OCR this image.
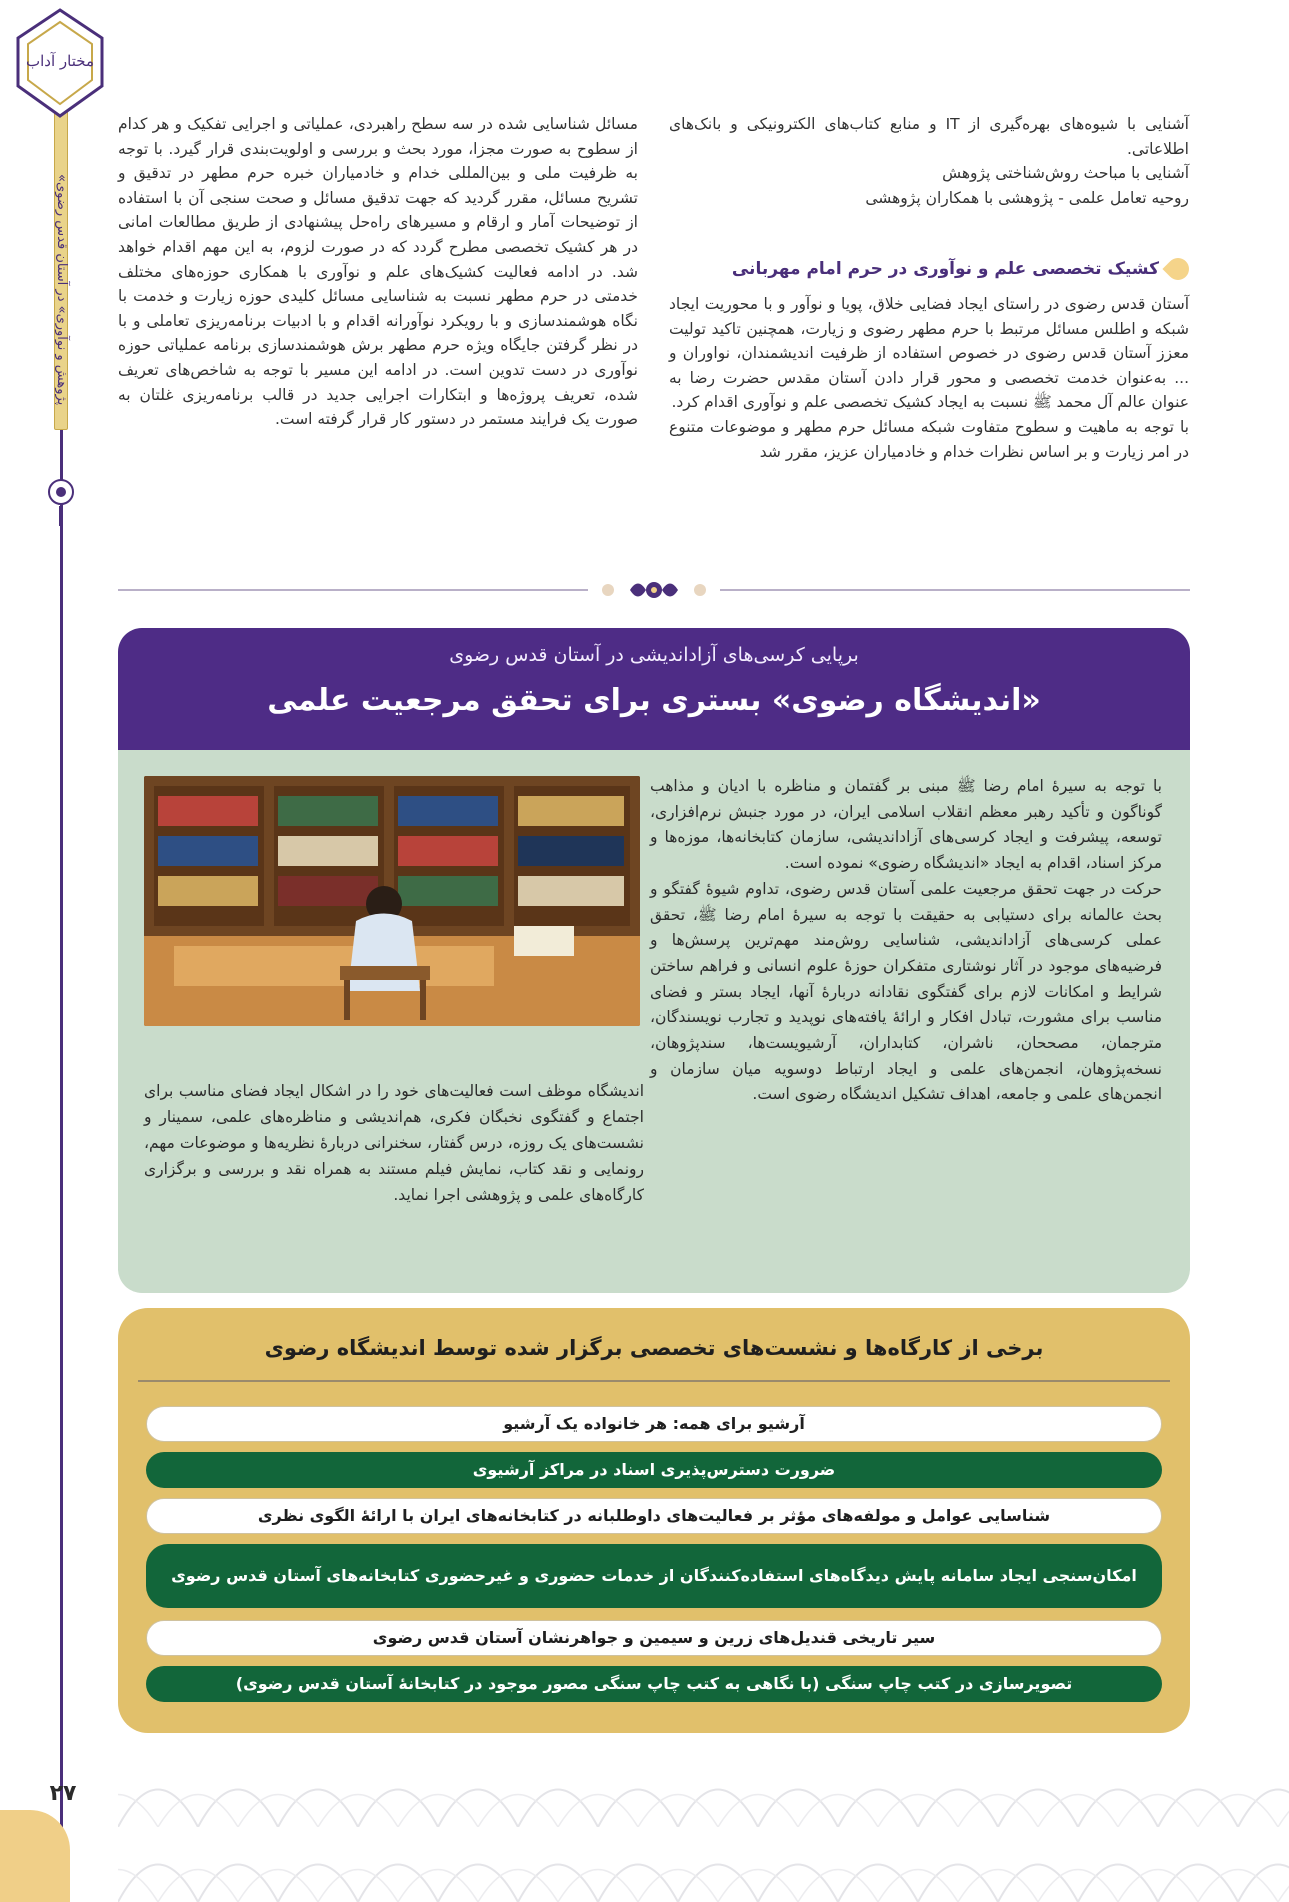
مختار آداب
«پژوهش و نوآوری» در آستان قدس رضوی
۲۷

آشنایی با شیوه‌های بهره‌گیری از IT و منابع کتاب‌های الکترونیکی و بانک‌های اطلاعاتی.

آشنایی با مباحث روش‌شناختی پژوهش

روحیه تعامل علمی - پژوهشی با همکاران پژوهشی

کشیک تخصصی علم و نوآوری در حرم امام مهربانی

آستان قدس رضوی در راستای ایجاد فضایی خلاق، پویا و نوآور و با محوریت ایجاد شبکه و اطلس مسائل مرتبط با حرم مطهر رضوی و زیارت، همچنین تاکید تولیت معزز آستان قدس رضوی در خصوص استفاده از ظرفیت اندیشمندان، نواوران و ... به‌عنوان خدمت تخصصی و محور قرار دادن آستان مقدس حضرت رضا به عنوان عالم آل محمد ﷺ نسبت به ایجاد کشیک تخصصی علم و نوآوری اقدام کرد.

با توجه به ماهیت و سطوح متفاوت شبکه مسائل حرم مطهر و موضوعات متنوع در امر زیارت و بر اساس نظرات خدام و خادمیاران عزیز، مقرر شد

مسائل شناسایی شده در سه سطح راهبردی، عملیاتی و اجرایی تفکیک و هر کدام از سطوح به صورت مجزا، مورد بحث و بررسی و اولویت‌بندی قرار گیرد. با توجه به ظرفیت ملی و بین‌المللی خدام و خادمیاران خبره حرم مطهر در تدقیق و تشریح مسائل، مقرر گردید که جهت تدقیق مسائل و صحت سنجی آن با استفاده از توضیحات آمار و ارقام و مسیرهای راه‌حل پیشنهادی از طریق مطالعات امانی در هر کشیک تخصصی مطرح گردد که در صورت لزوم، به این مهم اقدام خواهد شد. در ادامه فعالیت کشیک‌های علم و نوآوری با همکاری حوزه‌های مختلف خدمتی در حرم مطهر نسبت به شناسایی مسائل کلیدی حوزه زیارت و خدمت با نگاه هوشمندسازی و با رویکرد نوآورانه اقدام و با ادبیات برنامه‌ریزی تعاملی و با در نظر گرفتن جایگاه ویژه حرم مطهر برش هوشمندسازی برنامه عملیاتی حوزه نوآوری در دست تدوین است. در ادامه این مسیر با توجه به شاخص‌های تعریف شده، تعریف پروژه‌ها و ابتکارات اجرایی جدید در قالب برنامه‌ریزی غلتان به صورت یک فرایند مستمر در دستور کار قرار گرفته است.

برپایی کرسی‌های آزاداندیشی در آستان قدس رضوی
«اندیشگاه رضوی» بستری برای تحقق مرجعیت علمی

با توجه به سیرهٔ امام رضا ﷺ مبنی بر گفتمان و مناظره با ادیان و مذاهب گوناگون و تأکید رهبر معظم انقلاب اسلامی ایران، در مورد جنبش نرم‌افزاری، توسعه، پیشرفت و ایجاد کرسی‌های آزاداندیشی، سازمان کتابخانه‌ها، موزه‌ها و مرکز اسناد، اقدام به ایجاد «اندیشگاه رضوی» نموده است.

حرکت در جهت تحقق مرجعیت علمی آستان قدس رضوی، تداوم شیوهٔ گفتگو و بحث عالمانه برای دستیابی به حقیقت با توجه به سیرهٔ امام رضا ﷺ، تحقق عملی کرسی‌های آزاداندیشی، شناسایی روش‌مند مهم‌ترین پرسش‌ها و فرضیه‌های موجود در آثار نوشتاری متفکران حوزهٔ علوم انسانی و فراهم ساختن شرایط و امکانات لازم برای گفتگوی نقادانه دربارهٔ آنها، ایجاد بستر و فضای مناسب برای مشورت، تبادل افکار و ارائهٔ یافته‌های نوپدید و تجارب نویسندگان، مترجمان، مصححان، ناشران، کتابداران، آرشیویست‌ها، سندپژوهان، نسخه‌پژوهان، انجمن‌های علمی و ایجاد ارتباط دوسویه میان سازمان و انجمن‌های علمی و جامعه، اهداف تشکیل اندیشگاه رضوی است.

اندیشگاه موظف است فعالیت‌های خود را در اشکال ایجاد فضای مناسب برای اجتماع و گفتگوی نخبگان فکری، هم‌اندیشی و مناظره‌های علمی، سمینار و نشست‌های یک روزه، درس گفتار، سخنرانی دربارهٔ نظریه‌ها و موضوعات مهم، رونمایی و نقد کتاب، نمایش فیلم مستند به همراه نقد و بررسی و برگزاری کارگاه‌های علمی و پژوهشی اجرا نماید.

برخی از کارگاه‌ها و نشست‌های تخصصی برگزار شده توسط اندیشگاه رضوی
آرشیو برای همه: هر خانواده یک آرشیو
ضرورت دسترس‌پذیری اسناد در مراکز آرشیوی
شناسایی عوامل و مولفه‌های مؤثر بر فعالیت‌های داوطلبانه در کتابخانه‌های ایران با ارائهٔ الگوی نظری
امکان‌سنجی ایجاد سامانه پایش دیدگاه‌های استفاده‌کنندگان از خدمات حضوری و غیرحضوری کتابخانه‌های آستان قدس رضوی
سیر تاریخی قندیل‌های زرین و سیمین و جواهرنشان آستان قدس رضوی
تصویرسازی در کتب چاپ سنگی (با نگاهی به کتب چاپ سنگی مصور موجود در کتابخانهٔ آستان قدس رضوی)
